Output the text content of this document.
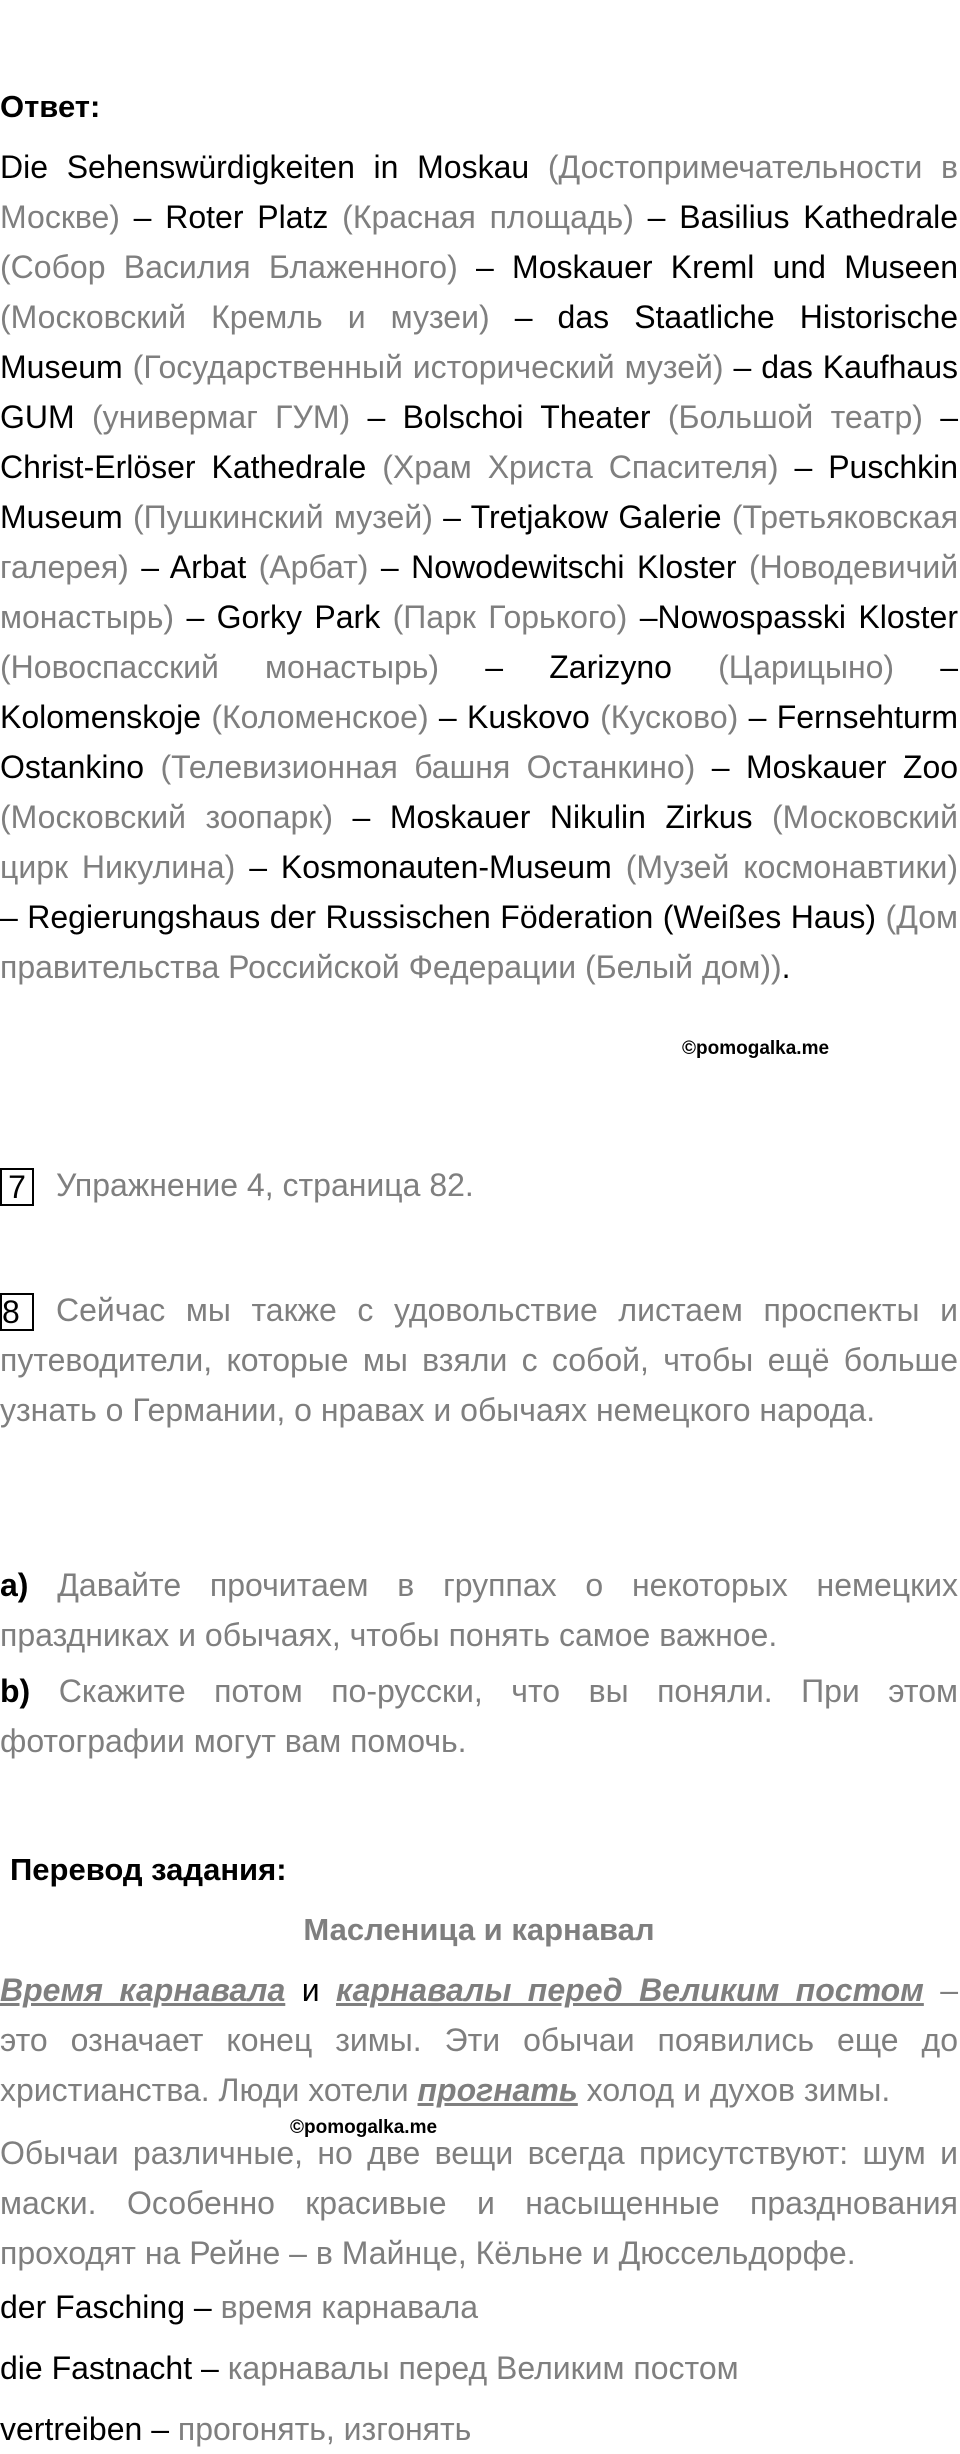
Ответ:
Die Sehenswürdigkeiten in Moskau (Достопримечательности в Москве) – Roter Platz (Красная площадь) – Basilius Kathedrale (Собор Василия Блаженного) – Moskauer Kreml und Museen (Московский Кремль и музеи) – das Staatliche Historische Museum (Государственный исторический музей) – das Kaufhaus GUM (универмаг ГУМ) – Bolschoi Theater (Большой театр) – Christ-Erlöser Kathedrale (Храм Христа Спасителя) – Puschkin Museum (Пушкинский музей) – Tretjakow Galerie (Третьяковская галерея) – Arbat (Арбат) – Nowodewitschi Kloster (Новодевичий монастырь) – Gorky Park (Парк Горького) –Nowospasski Kloster (Новоспасский монастырь) – Zarizyno (Царицыно) – Kolomenskoje (Коломенское) – Kuskovo (Кусково) – Fernsehturm Ostankino (Телевизионная башня Останкино) – Moskauer Zoo (Московский зоопарк) – Moskauer Nikulin Zirkus (Московский цирк Никулина) – Kosmonauten-Museum (Музей космонавтики) – Regierungshaus der Russischen Föderation (Weißes Haus) (Дом правительства Российской Федерации (Белый дом)).
©pomogalka.me
7 Упражнение 4, страница 82.
8 Сейчас мы также с удовольствие листаем проспекты и путеводители, которые мы взяли с собой, чтобы ещё больше узнать о Германии, о нравах и обычаях немецкого народа.
a) Давайте прочитаем в группах о некоторых немецких праздниках и обычаях, чтобы понять самое важное.
b) Скажите потом по-русски, что вы поняли. При этом фотографии могут вам помочь.
Перевод задания:
Масленица и карнавал
Время карнавала и карнавалы перед Великим постом – это означает конец зимы. Эти обычаи появились еще до христианства. Люди хотели прогнать холод и духов зимы.
©pomogalka.me
Обычаи различные, но две вещи всегда присутствуют: шум и маски. Особенно красивые и насыщенные празднования проходят на Рейне – в Майнце, Кёльне и Дюссельдорфе.
der Fasching – время карнавала
die Fastnacht – карнавалы перед Великим постом
vertreiben – прогонять, изгонять
